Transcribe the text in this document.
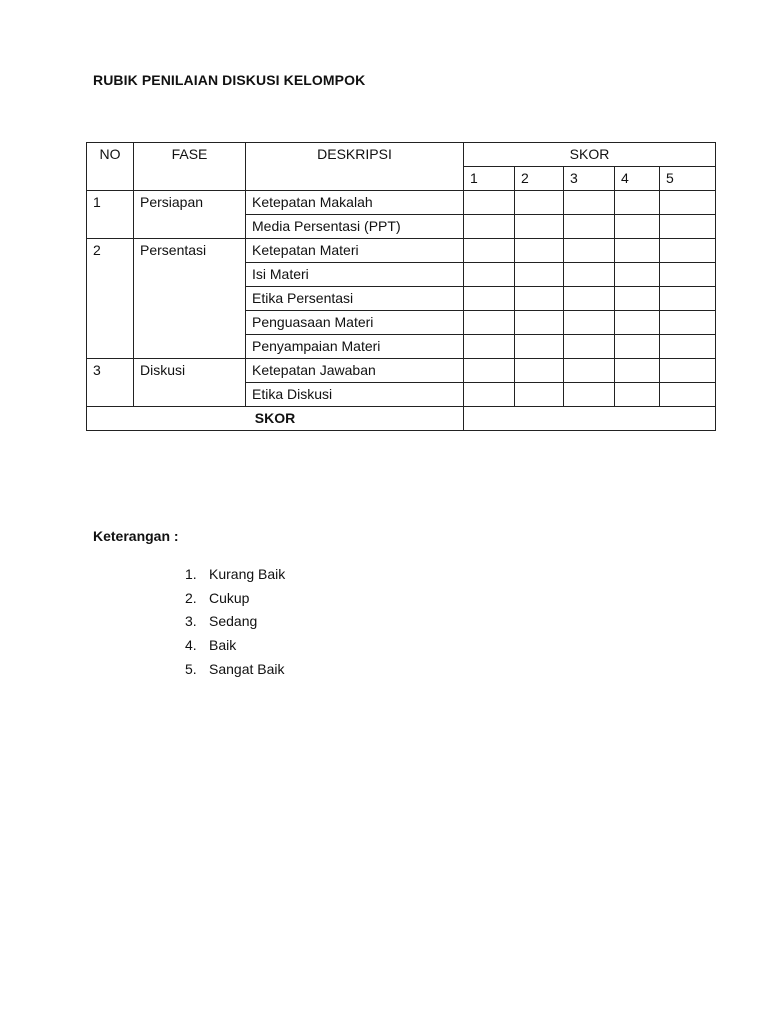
RUBIK PENILAIAN DISKUSI KELOMPOK
NO	FASE	DESKRIPSI	SKOR				
			1	2	3	4	5
1	Persiapan	Ketepatan Makalah					
		Media Persentasi (PPT)					
2	Persentasi	Ketepatan Materi					
		Isi Materi					
		Etika Persentasi					
		Penguasaan Materi					
		Penyampaian Materi					
3	Diskusi	Ketepatan Jawaban					
		Etika Diskusi					
SKOR							
Keterangan :
1. Kurang Baik
2. Cukup
3. Sedang
4. Baik
5. Sangat Baik
